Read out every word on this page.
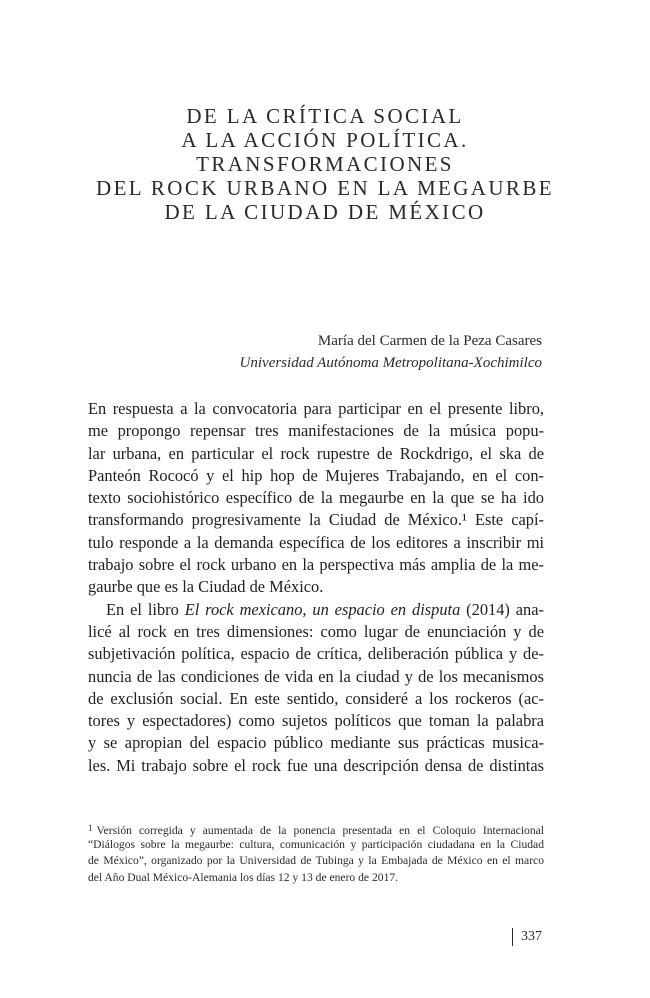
DE LA CRÍTICA SOCIAL
A LA ACCIÓN POLÍTICA.
TRANSFORMACIONES
DEL ROCK URBANO EN LA MEGAURBE
DE LA CIUDAD DE MÉXICO
María del Carmen de la Peza Casares
Universidad Autónoma Metropolitana-Xochimilco
En respuesta a la convocatoria para participar en el presente libro,
me propongo repensar tres manifestaciones de la música popu-
lar urbana, en particular el rock rupestre de Rockdrigo, el ska de
Panteón Rococó y el hip hop de Mujeres Trabajando, en el con-
texto sociohistórico específico de la megaurbe en la que se ha ido
transformando progresivamente la Ciudad de México.¹ Este capí-
tulo responde a la demanda específica de los editores a inscribir mi
trabajo sobre el rock urbano en la perspectiva más amplia de la me-
gaurbe que es la Ciudad de México.
En el libro El rock mexicano, un espacio en disputa (2014) ana-
licé al rock en tres dimensiones: como lugar de enunciación y de
subjetivación política, espacio de crítica, deliberación pública y de-
nuncia de las condiciones de vida en la ciudad y de los mecanismos
de exclusión social. En este sentido, consideré a los rockeros (ac-
tores y espectadores) como sujetos políticos que toman la palabra
y se apropian del espacio público mediante sus prácticas musica-
les. Mi trabajo sobre el rock fue una descripción densa de distintas
$^1$ Versión corregida y aumentada de la ponencia presentada en el Coloquio Internacional
“Diálogos sobre la megaurbe: cultura, comunicación y participación ciudadana en la Ciudad
de México”, organizado por la Universidad de Tubinga y la Embajada de México en el marco
del Año Dual México-Alemania los días 12 y 13 de enero de 2017.
337
